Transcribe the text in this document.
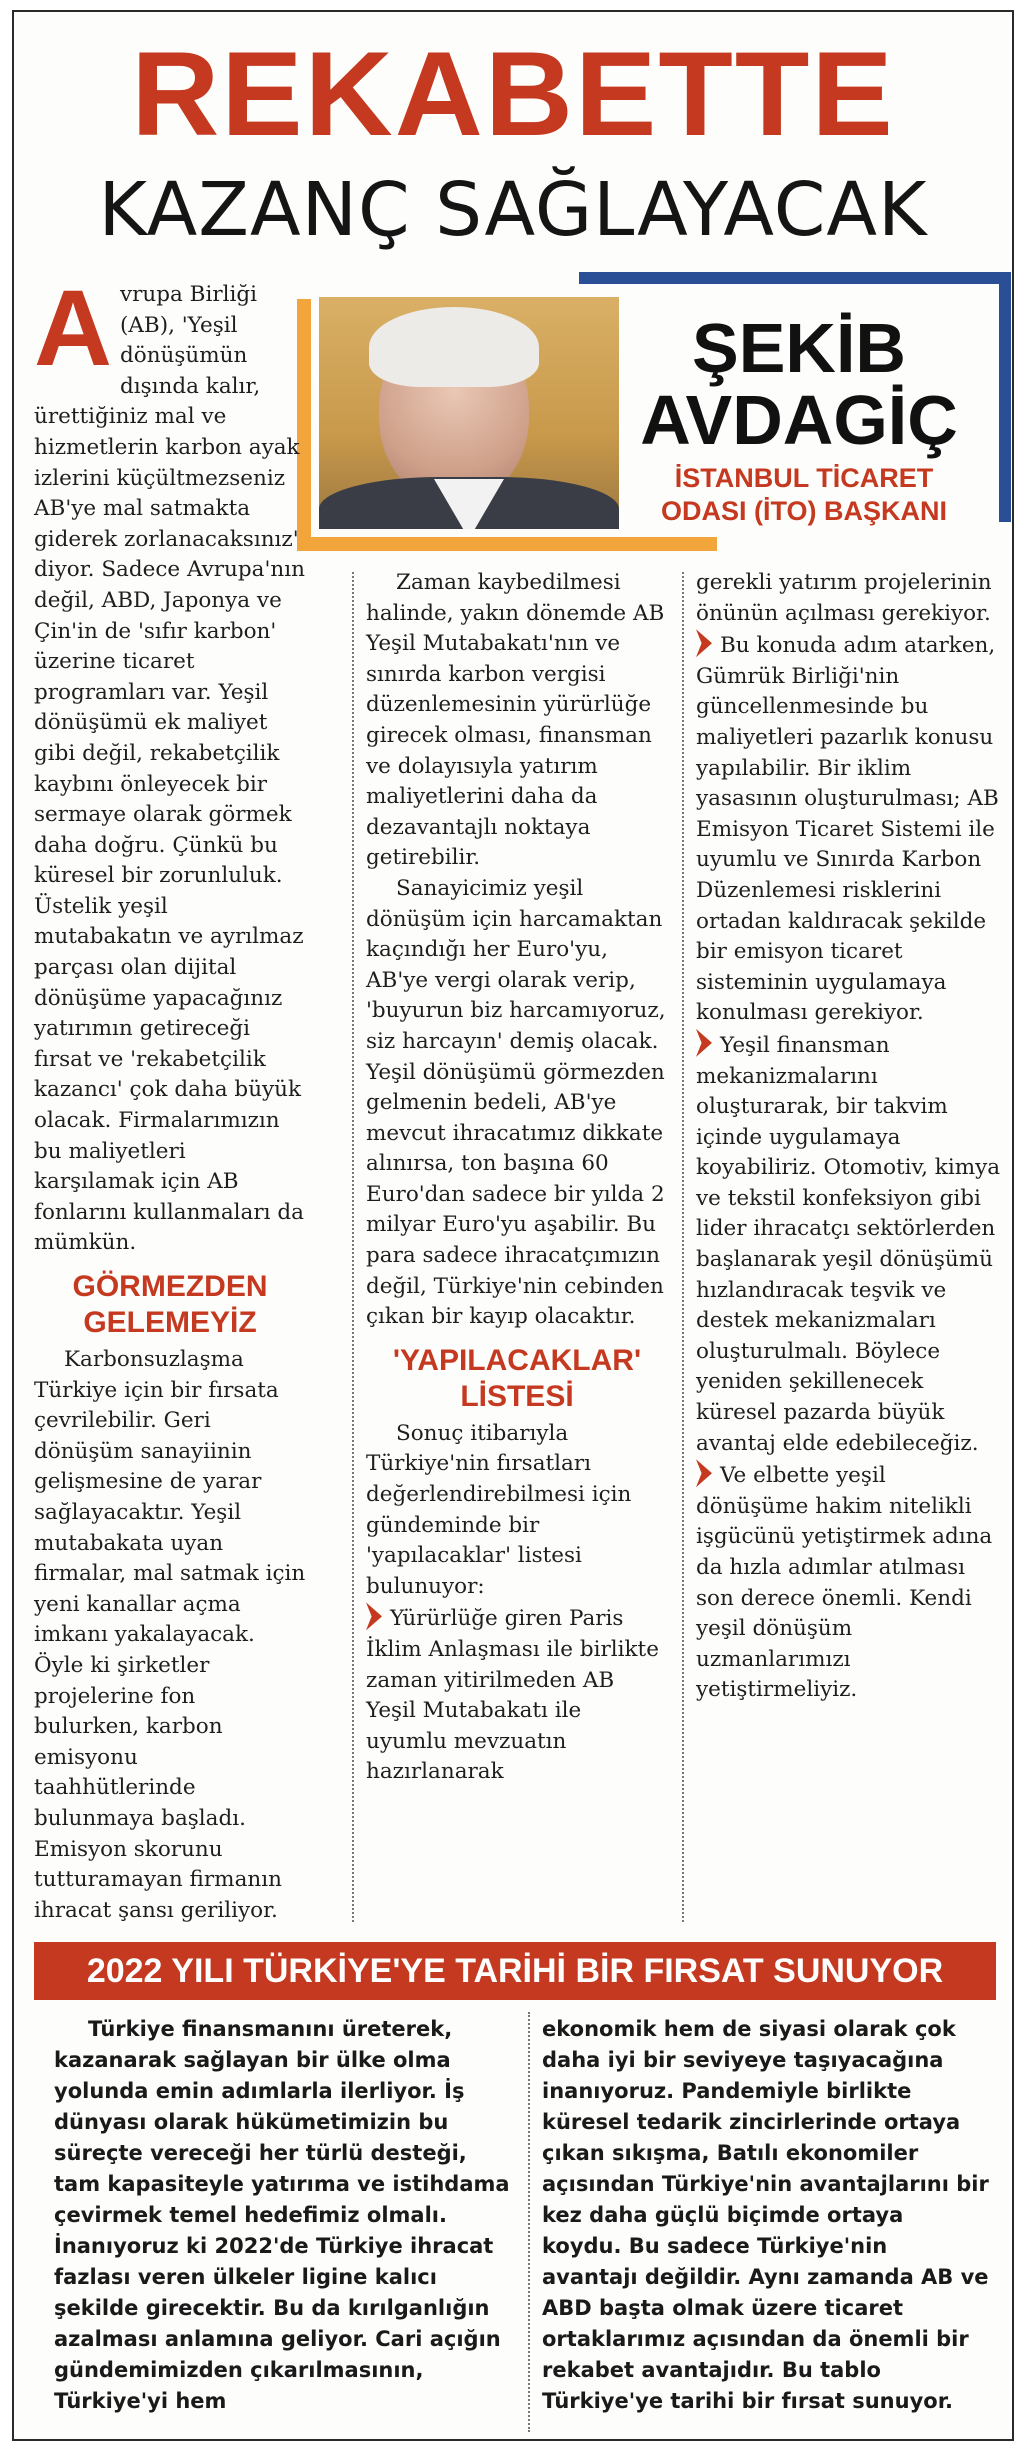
REKABETTE
KAZANÇ SAĞLAYACAK
ŞEKİB
AVDAGİÇ
İSTANBUL TİCARET
ODASI (İTO) BAŞKANI

Avrupa Birliği (AB), 'Yeşil dönüşümün dışında kalır, ürettiğiniz mal ve hizmetlerin karbon ayak izlerini küçültmezseniz AB'ye mal satmakta giderek zorlanacaksınız' diyor. Sadece Avrupa'nın değil, ABD, Japonya ve Çin'in de 'sıfır karbon' üzerine ticaret programları var. Yeşil dönüşümü ek maliyet gibi değil, rekabetçilik kaybını önleyecek bir sermaye olarak görmek daha doğru. Çünkü bu küresel bir zorunluluk. Üstelik yeşil mutabakatın ve ayrılmaz parçası olan dijital dönüşüme yapacağınız yatırımın getireceği fırsat ve 'rekabetçilik kazancı' çok daha büyük olacak. Firmalarımızın bu maliyetleri karşılamak için AB fonlarını kullanmaları da mümkün.

GÖRMEZDEN GELEMEYİZ

Karbonsuzlaşma Türkiye için bir fırsata çevrilebilir. Geri dönüşüm sanayiinin gelişmesine de yarar sağlayacaktır. Yeşil mutabakata uyan firmalar, mal satmak için yeni kanallar açma imkanı yakalayacak. Öyle ki şirketler projelerine fon bulurken, karbon emisyonu taahhütlerinde bulunmaya başladı. Emisyon skorunu tutturamayan firmanın ihracat şansı geriliyor.

Zaman kaybedilmesi halinde, yakın dönemde AB Yeşil Mutabakatı'nın ve sınırda karbon vergisi düzenlemesinin yürürlüğe girecek olması, finansman ve dolayısıyla yatırım maliyetlerini daha da dezavantajlı noktaya getirebilir.

Sanayicimiz yeşil dönüşüm için harcamaktan kaçındığı her Euro'yu, AB'ye vergi olarak verip, 'buyurun biz harcamıyoruz, siz harcayın' demiş olacak. Yeşil dönüşümü görmezden gelmenin bedeli, AB'ye mevcut ihracatımız dikkate alınırsa, ton başına 60 Euro'dan sadece bir yılda 2 milyar Euro'yu aşabilir. Bu para sadece ihracatçımızın değil, Türkiye'nin cebinden çıkan bir kayıp olacaktır.

'YAPILACAKLAR' LİSTESİ

Sonuç itibarıyla Türkiye'nin fırsatları değerlendirebilmesi için gündeminde bir 'yapılacaklar' listesi bulunuyor:

Yürürlüğe giren Paris İklim Anlaşması ile birlikte zaman yitirilmeden AB Yeşil Mutabakatı ile uyumlu mevzuatın hazırlanarak

gerekli yatırım projelerinin önünün açılması gerekiyor.

Bu konuda adım atarken, Gümrük Birliği'nin güncellenmesinde bu maliyetleri pazarlık konusu yapılabilir. Bir iklim yasasının oluşturulması; AB Emisyon Ticaret Sistemi ile uyumlu ve Sınırda Karbon Düzenlemesi risklerini ortadan kaldıracak şekilde bir emisyon ticaret sisteminin uygulamaya konulması gerekiyor.

Yeşil finansman mekanizmalarını oluşturarak, bir takvim içinde uygulamaya koyabiliriz. Otomotiv, kimya ve tekstil konfeksiyon gibi lider ihracatçı sektörlerden başlanarak yeşil dönüşümü hızlandıracak teşvik ve destek mekanizmaları oluşturulmalı. Böylece yeniden şekillenecek küresel pazarda büyük avantaj elde edebileceğiz.

Ve elbette yeşil dönüşüme hakim nitelikli işgücünü yetiştirmek adına da hızla adımlar atılması son derece önemli. Kendi yeşil dönüşüm uzmanlarımızı yetiştirmeliyiz.

2022 YILI TÜRKİYE'YE TARİHİ BİR FIRSAT SUNUYOR

Türkiye finansmanını üreterek, kazanarak sağlayan bir ülke olma yolunda emin adımlarla ilerliyor. İş dünyası olarak hükümetimizin bu süreçte vereceği her türlü desteği, tam kapasiteyle yatırıma ve istihdama çevirmek temel hedefimiz olmalı. İnanıyoruz ki 2022'de Türkiye ihracat fazlası veren ülkeler ligine kalıcı şekilde girecektir. Bu da kırılganlığın azalması anlamına geliyor. Cari açığın gündemimizden çıkarılmasının, Türkiye'yi hem

ekonomik hem de siyasi olarak çok daha iyi bir seviyeye taşıyacağına inanıyoruz. Pandemiyle birlikte küresel tedarik zincirlerinde ortaya çıkan sıkışma, Batılı ekonomiler açısından Türkiye'nin avantajlarını bir kez daha güçlü biçimde ortaya koydu. Bu sadece Türkiye'nin avantajı değildir. Aynı zamanda AB ve ABD başta olmak üzere ticaret ortaklarımız açısından da önemli bir rekabet avantajıdır. Bu tablo Türkiye'ye tarihi bir fırsat sunuyor.
